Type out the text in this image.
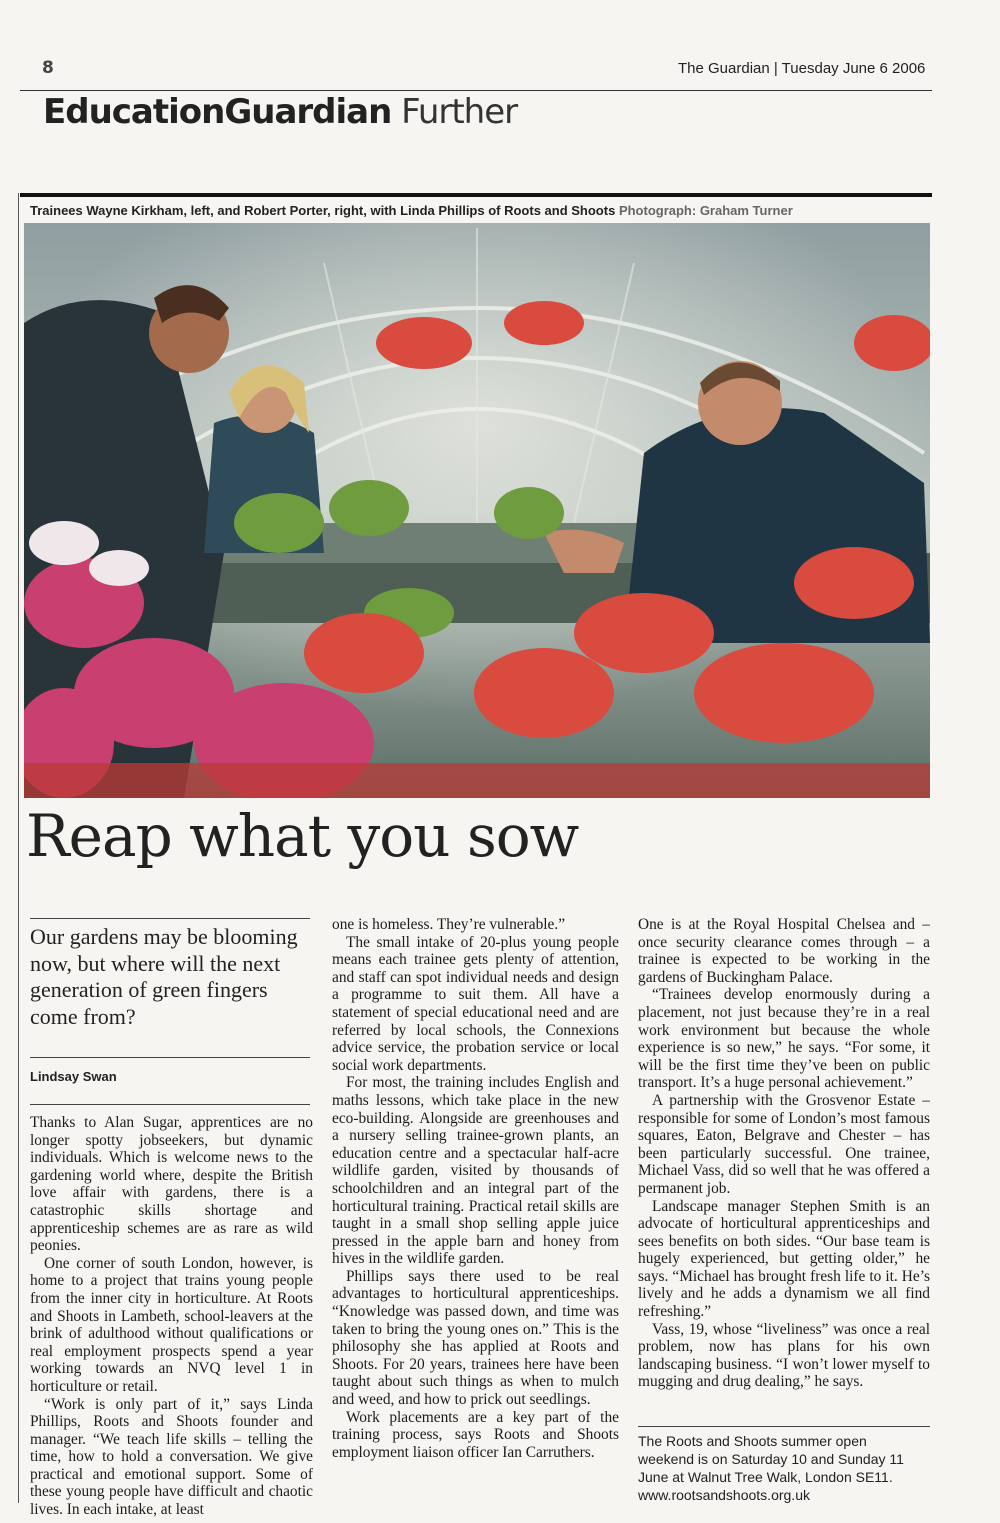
8	The Guardian | Tuesday June 6 2006
EducationGuardian Further
Trainees Wayne Kirkham, left, and Robert Porter, right, with Linda Phillips of Roots and Shoots Photograph: Graham Turner
Reap what you sow
Our gardens may be blooming now, but where will the next generation of green fingers come from?
Lindsay Swan

Thanks to Alan Sugar, apprentices are no longer spotty jobseekers, but dynamic individuals. Which is welcome news to the gardening world where, despite the British love affair with gardens, there is a catastrophic skills shortage and apprenticeship schemes are as rare as wild peonies.

One corner of south London, however, is home to a project that trains young people from the inner city in horticulture. At Roots and Shoots in Lambeth, school-leavers at the brink of adulthood without qualifications or real employment prospects spend a year working towards an NVQ level 1 in horticulture or retail.

“Work is only part of it,” says Linda Phillips, Roots and Shoots founder and manager. “We teach life skills – telling the time, how to hold a conversation. We give practical and emotional support. Some of these young people have difficult and chaotic lives. In each intake, at least

one is homeless. They’re vulnerable.”

The small intake of 20-plus young people means each trainee gets plenty of attention, and staff can spot individual needs and design a programme to suit them. All have a statement of special educational need and are referred by local schools, the Connexions advice service, the probation service or local social work departments.

For most, the training includes English and maths lessons, which take place in the new eco-building. Alongside are greenhouses and a nursery selling trainee-grown plants, an education centre and a spectacular half-acre wildlife garden, visited by thousands of schoolchildren and an integral part of the horticultural training. Practical retail skills are taught in a small shop selling apple juice pressed in the apple barn and honey from hives in the wildlife garden.

Phillips says there used to be real advantages to horticultural apprenticeships. “Knowledge was passed down, and time was taken to bring the young ones on.” This is the philosophy she has applied at Roots and Shoots. For 20 years, trainees here have been taught about such things as when to mulch and weed, and how to prick out seedlings.

Work placements are a key part of the training process, says Roots and Shoots employment liaison officer Ian Carruthers.

One is at the Royal Hospital Chelsea and – once security clearance comes through – a trainee is expected to be working in the gardens of Buckingham Palace.

“Trainees develop enormously during a placement, not just because they’re in a real work environment but because the whole experience is so new,” he says. “For some, it will be the first time they’ve been on public transport. It’s a huge personal achievement.”

A partnership with the Grosvenor Estate – responsible for some of London’s most famous squares, Eaton, Belgrave and Chester – has been particularly successful. One trainee, Michael Vass, did so well that he was offered a permanent job.

Landscape manager Stephen Smith is an advocate of horticultural apprenticeships and sees benefits on both sides. “Our base team is hugely experienced, but getting older,” he says. “Michael has brought fresh life to it. He’s lively and he adds a dynamism we all find refreshing.”

Vass, 19, whose “liveliness” was once a real problem, now has plans for his own landscaping business. “I won’t lower myself to mugging and drug dealing,” he says.

The Roots and Shoots summer open
weekend is on Saturday 10 and Sunday 11
June at Walnut Tree Walk, London SE11.
www.rootsandshoots.org.uk
